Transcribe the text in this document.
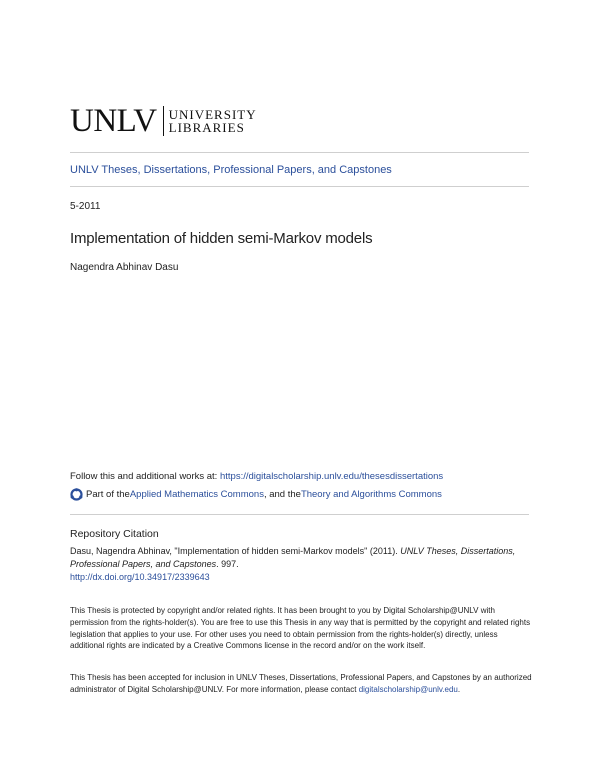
UNLV UNIVERSITY
LIBRARIES
UNLV Theses, Dissertations, Professional Papers, and Capstones
5-2011
Implementation of hidden semi-Markov models
Nagendra Abhinav Dasu
Follow this and additional works at: https://digitalscholarship.unlv.edu/thesesdissertations
Part of the Applied Mathematics Commons , and the Theory and Algorithms Commons
Repository Citation
Dasu, Nagendra Abhinav, "Implementation of hidden semi-Markov models" (2011). UNLV Theses, Dissertations, Professional Papers, and Capstones. 997.
http://dx.doi.org/10.34917/2339643
This Thesis is protected by copyright and/or related rights. It has been brought to you by Digital Scholarship@UNLV with permission from the rights-holder(s). You are free to use this Thesis in any way that is permitted by the copyright and related rights legislation that applies to your use. For other uses you need to obtain permission from the rights-holder(s) directly, unless additional rights are indicated by a Creative Commons license in the record and/or on the work itself.
This Thesis has been accepted for inclusion in UNLV Theses, Dissertations, Professional Papers, and Capstones by an authorized administrator of Digital Scholarship@UNLV. For more information, please contact digitalscholarship@unlv.edu.
